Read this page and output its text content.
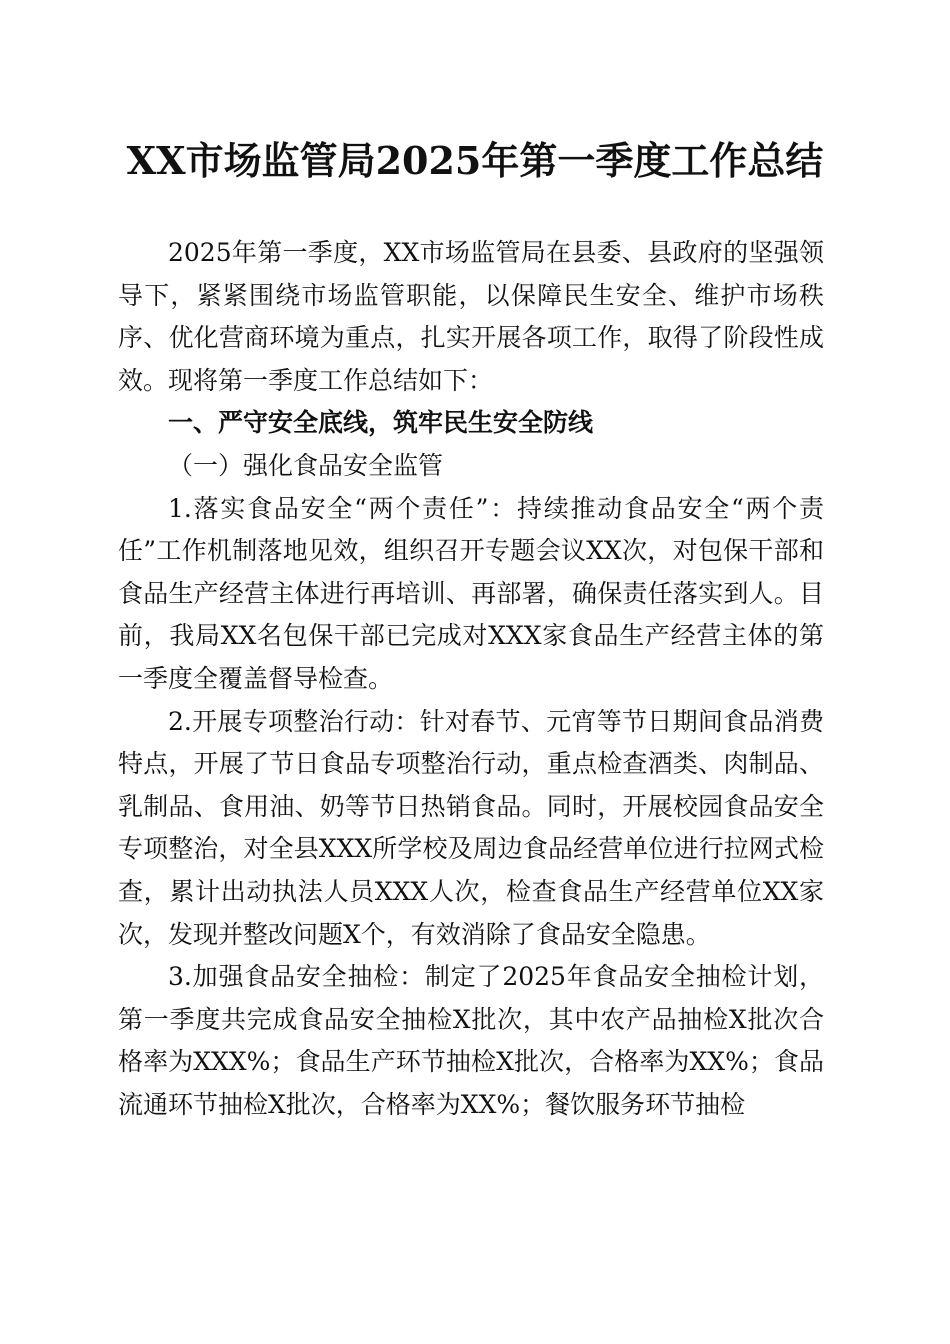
XX市场监管局2025年第一季度工作总结

2025年第一季度，XX市场监管局在县委、县政府的坚强领导下，紧紧围绕市场监管职能，以保障民生安全、维护市场秩序、优化营商环境为重点，扎实开展各项工作，取得了阶段性成效。现将第一季度工作总结如下：

一、严守安全底线，筑牢民生安全防线

（一）强化食品安全监管

1.落实食品安全“两个责任”：持续推动食品安全“两个责任”工作机制落地见效，组织召开专题会议XX次，对包保干部和食品生产经营主体进行再培训、再部署，确保责任落实到人。目前，我局XX名包保干部已完成对XXX家食品生产经营主体的第一季度全覆盖督导检查。

2.开展专项整治行动：针对春节、元宵等节日期间食品消费特点，开展了节日食品专项整治行动，重点检查酒类、肉制品、乳制品、食用油、奶等节日热销食品。同时，开展校园食品安全专项整治，对全县XXX所学校及周边食品经营单位进行拉网式检查，累计出动执法人员XXX人次，检查食品生产经营单位XX家次，发现并整改问题X个，有效消除了食品安全隐患。

3.加强食品安全抽检：制定了2025年食品安全抽检计划，第一季度共完成食品安全抽检X批次，其中农产品抽检X批次合格率为XXX%；食品生产环节抽检X批次，合格率为XX%；食品流通环节抽检X批次，合格率为XX%；餐饮服务环节抽检
